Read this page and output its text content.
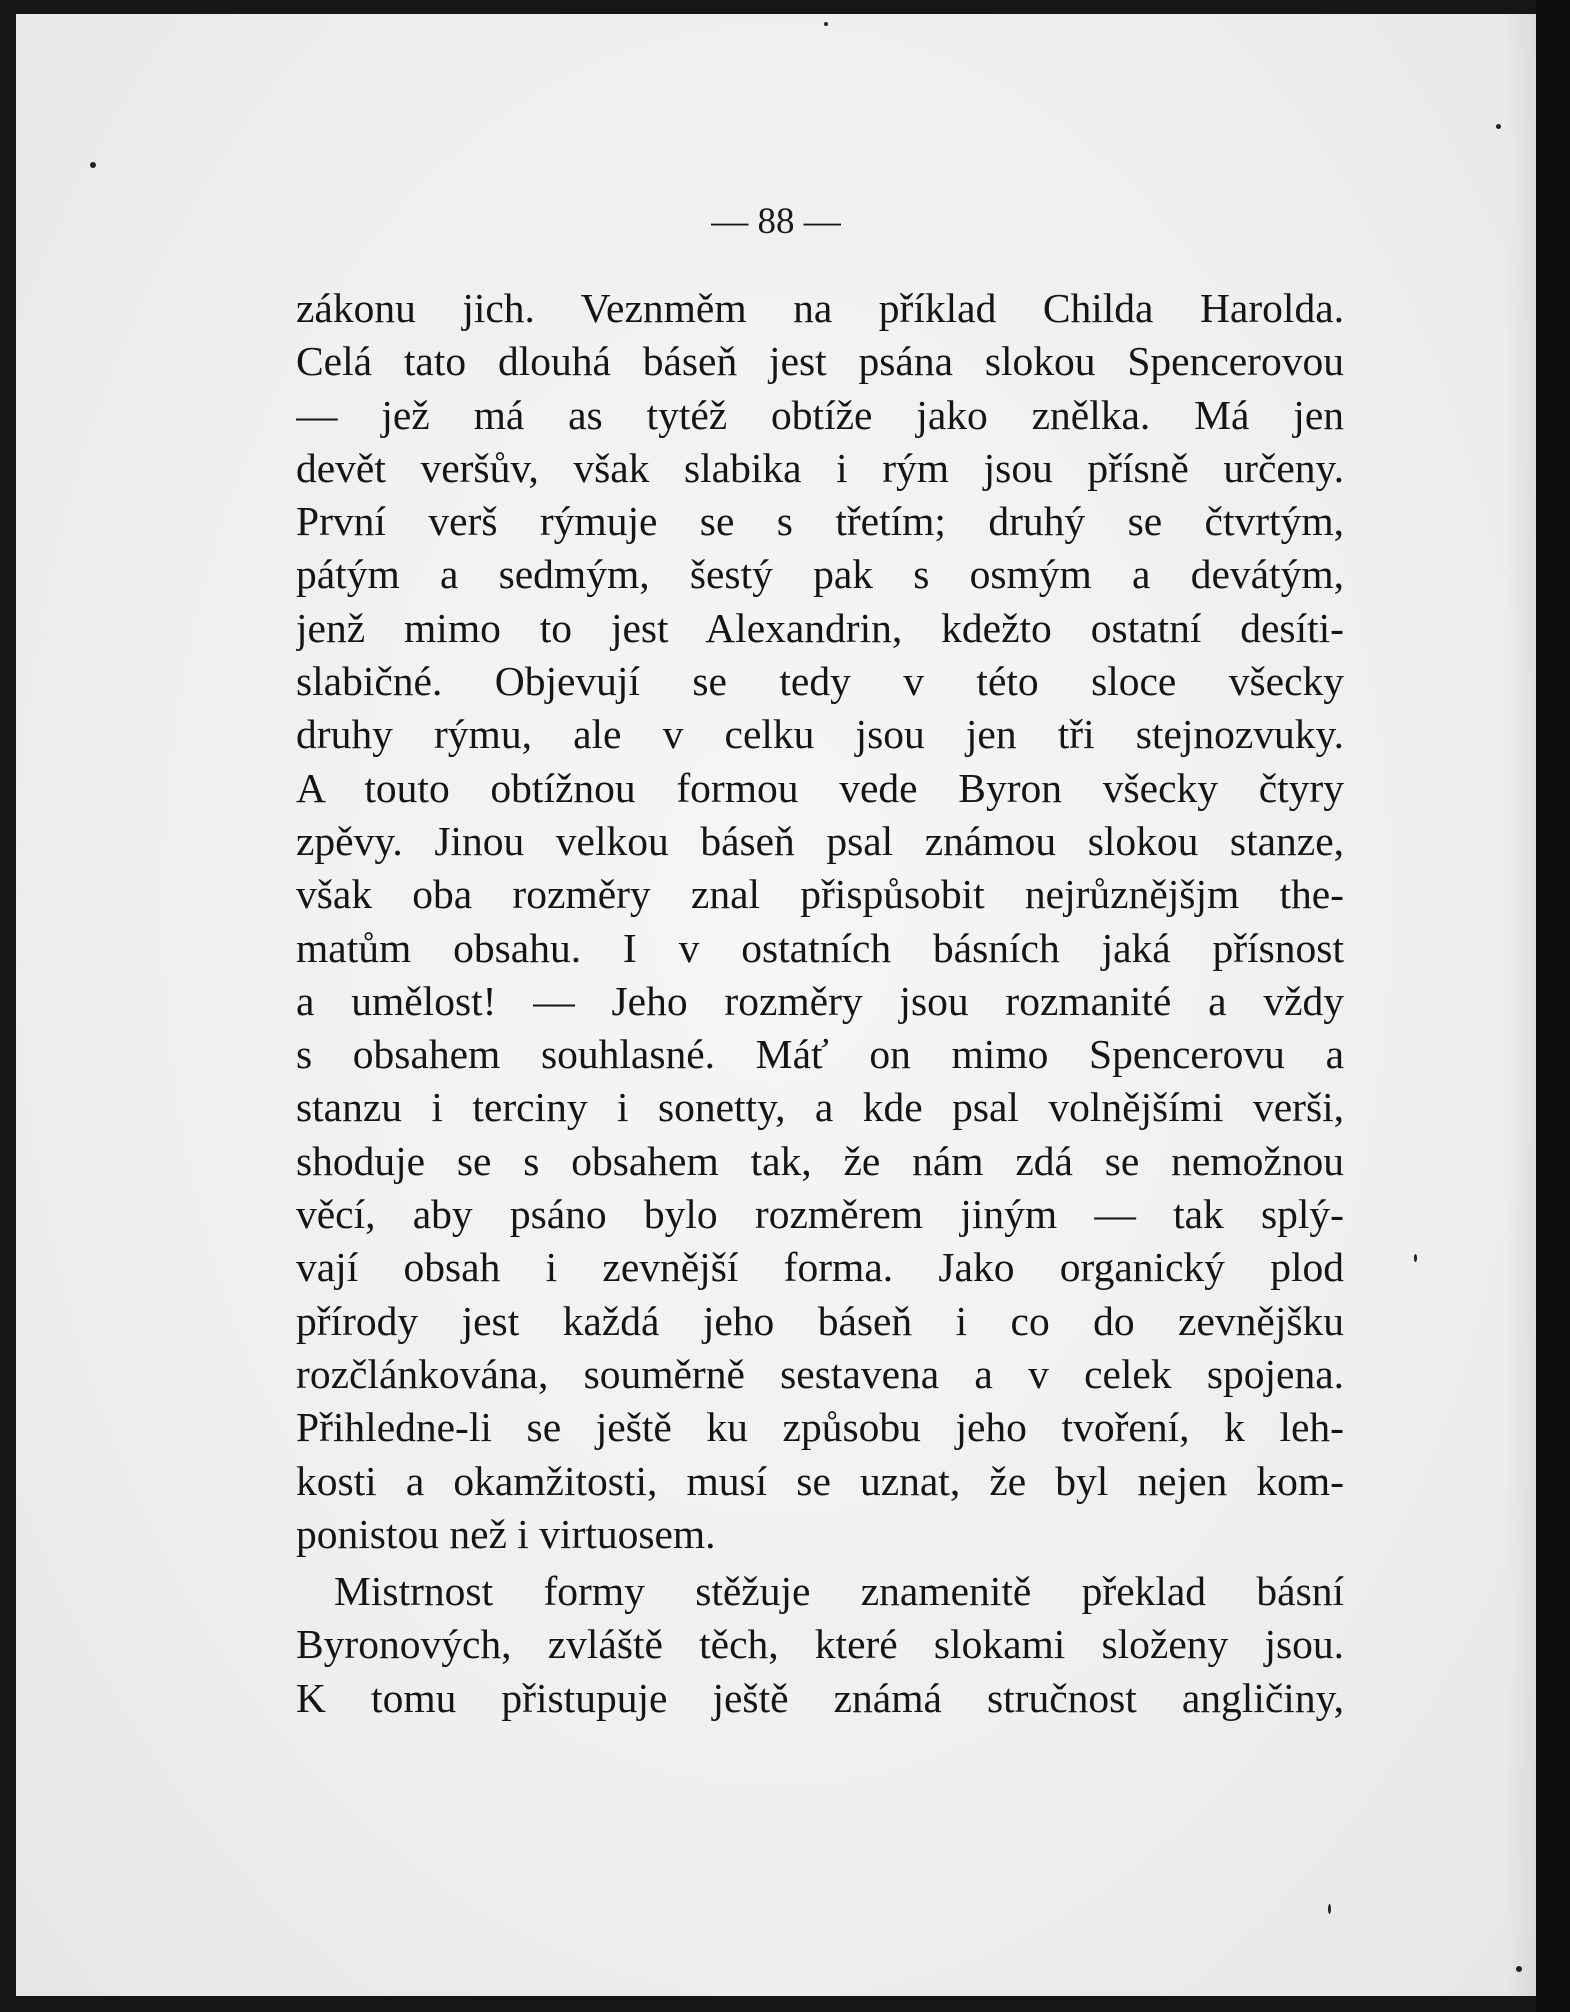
— 88 —

zákonu jich. Veznměm na příklad Childa Harolda.
Celá tato dlouhá báseň jest psána slokou Spencerovou
— jež má as tytéž obtíže jako znělka. Má jen
devět veršův, však slabika i rým jsou přísně určeny.
První verš rýmuje se s třetím; druhý se čtvrtým,
pátým a sedmým, šestý pak s osmým a devátým,
jenž mimo to jest Alexandrin, kdežto ostatní desíti-
slabičné. Objevují se tedy v této sloce všecky
druhy rýmu, ale v celku jsou jen tři stejnozvuky.
A touto obtížnou formou vede Byron všecky čtyry
zpěvy. Jinou velkou báseň psal známou slokou stanze,
však oba rozměry znal přispůsobit nejrůznějšjm the-
matům obsahu. I v ostatních básních jaká přísnost
a umělost! — Jeho rozměry jsou rozmanité a vždy
s obsahem souhlasné. Máť on mimo Spencerovu a
stanzu i terciny i sonetty, a kde psal volnějšími verši,
shoduje se s obsahem tak, že nám zdá se nemožnou
věcí, aby psáno bylo rozměrem jiným — tak splý-
vají obsah i zevnější forma. Jako organický plod
přírody jest každá jeho báseň i co do zevnějšku
rozčlánkována, souměrně sestavena a v celek spojena.
Přihledne-li se ještě ku způsobu jeho tvoření, k leh-
kosti a okamžitosti, musí se uznat, že byl nejen kom-
ponistou než i virtuosem.
Mistrnost formy stěžuje znamenitě překlad básní
Byronových, zvláště těch, které slokami složeny jsou.
K tomu přistupuje ještě známá stručnost angličiny,
